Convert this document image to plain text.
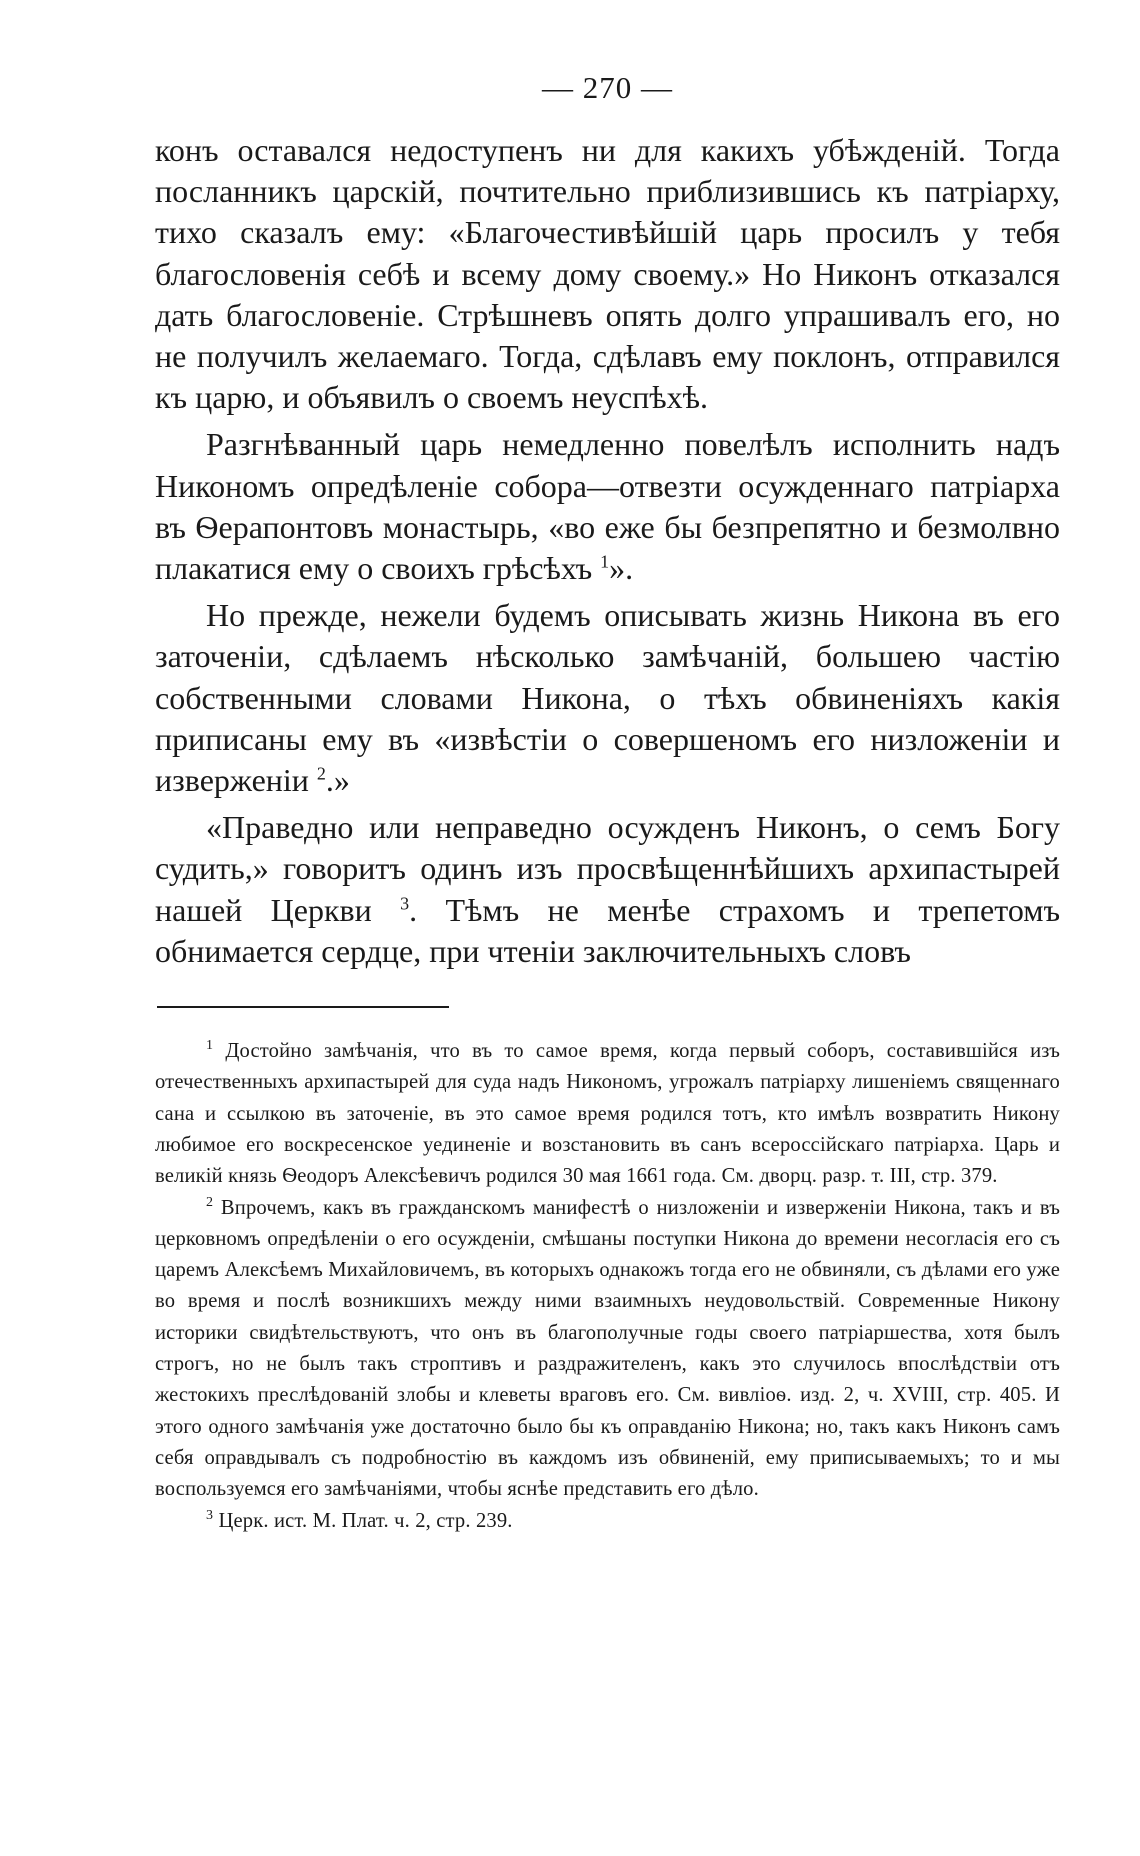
— 270 —

конъ оставался недоступенъ ни для какихъ убѣжденій. Тогда посланникъ царскій, почтительно приблизившись къ патріарху, тихо сказалъ ему: «Благочестивѣйшій царь просилъ у тебя благословенія себѣ и всему дому своему.» Но Никонъ отказался дать благословеніе. Стрѣшневъ опять долго упрашивалъ его, но не получилъ желаемаго. Тогда, сдѣлавъ ему поклонъ, отправился къ царю, и объявилъ о своемъ неуспѣхѣ.

Разгнѣванный царь немедленно повелѣлъ исполнить надъ Никономъ опредѣленіе собора—отвезти осужденнаго патріарха въ Ѳерапонтовъ монастырь, «во еже бы безпрепятно и безмолвно плакатися ему о своихъ грѣсѣхъ $^1$».

Но прежде, нежели будемъ описывать жизнь Никона въ его заточеніи, сдѣлаемъ нѣсколько замѣчаній, большею частію собственными словами Никона, о тѣхъ обвиненіяхъ какія приписаны ему въ «извѣстіи о совершеномъ его низложеніи и изверженіи $^2$.»

«Праведно или неправедно осужденъ Никонъ, о семъ Богу судить,» говоритъ одинъ изъ просвѣщеннѣйшихъ архипастырей нашей Церкви $^3$. Тѣмъ не менѣе страхомъ и трепетомъ обнимается сердце, при чтеніи заключительныхъ словъ

$^1$ Достойно замѣчанія, что въ то самое время, когда первый соборъ, составившійся изъ отечественныхъ архипастырей для суда надъ Никономъ, угрожалъ патріарху лишеніемъ священнаго сана и ссылкою въ заточеніе, въ это самое время родился тотъ, кто имѣлъ возвратить Никону любимое его воскресенское уединеніе и возстановить въ санъ всероссійскаго патріарха. Царь и великій князь Ѳеодоръ Алексѣевичъ родился 30 мая 1661 года. См. дворц. разр. т. III, стр. 379.

$^2$ Впрочемъ, какъ въ гражданскомъ манифестѣ о низложеніи и изверженіи Никона, такъ и въ церковномъ опредѣленіи о его осужденіи, смѣшаны поступки Никона до времени несогласія его съ царемъ Алексѣемъ Михайловичемъ, въ которыхъ однакожъ тогда его не обвиняли, съ дѣлами его уже во время и послѣ возникшихъ между ними взаимныхъ неудовольствій. Современные Никону историки свидѣтельствуютъ, что онъ въ благополучные годы своего патріаршества, хотя былъ строгъ, но не былъ такъ строптивъ и раздражителенъ, какъ это случилось впослѣдствіи отъ жестокихъ преслѣдованій злобы и клеветы враговъ его. См. вивліоѳ. изд. 2, ч. XVIII, стр. 405. И этого одного замѣчанія уже достаточно было бы къ оправданію Никона; но, такъ какъ Никонъ самъ себя оправдывалъ съ подробностію въ каждомъ изъ обвиненій, ему приписываемыхъ; то и мы воспользуемся его замѣчаніями, чтобы яснѣе представить его дѣло.

$^3$ Церк. ист. М. Плат. ч. 2, стр. 239.
